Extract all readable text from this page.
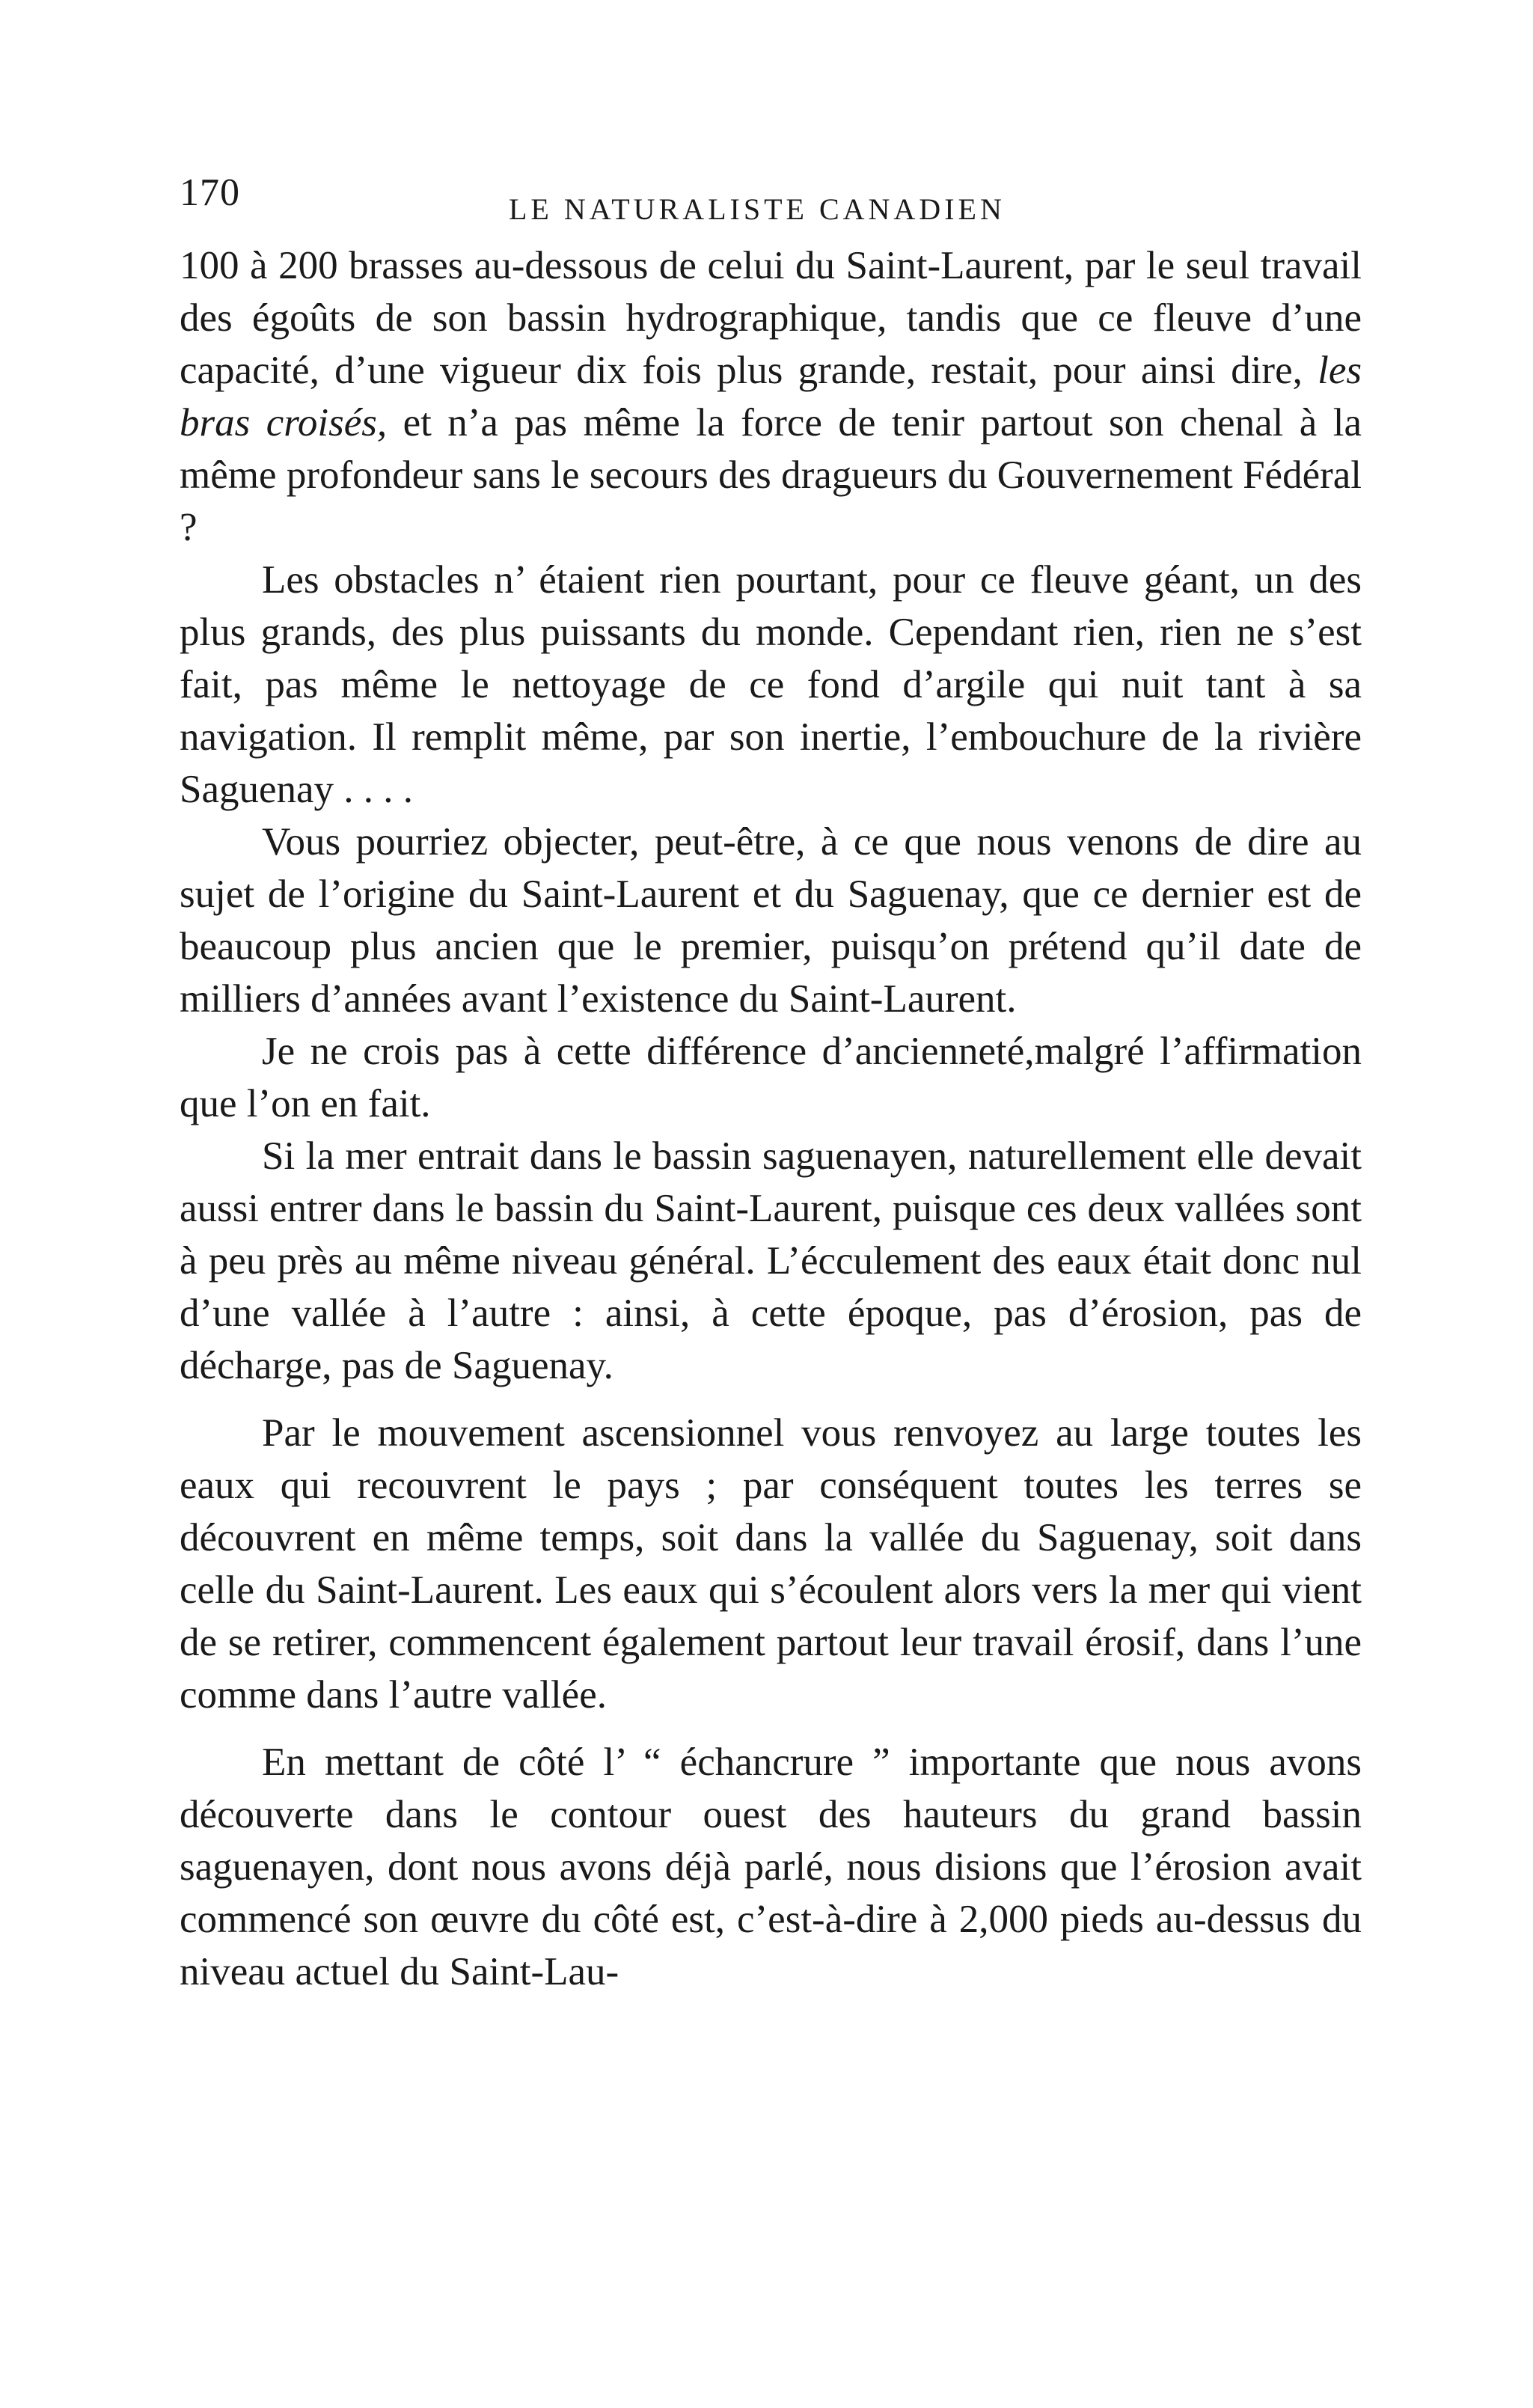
170	LE NATURALISTE CANADIEN

100 à 200 brasses au-dessous de celui du Saint-Laurent, par le seul travail des égoûts de son bassin hydrographique, tandis que ce fleuve d’une capacité, d’une vigueur dix fois plus grande, restait, pour ainsi dire, les bras croisés, et n’a pas même la force de tenir partout son chenal à la même profondeur sans le secours des dragueurs du Gouvernement Fédéral ?

Les obstacles n’ étaient rien pourtant, pour ce fleuve géant, un des plus grands, des plus puissants du monde. Cependant rien, rien ne s’est fait, pas même le nettoyage de ce fond d’argile qui nuit tant à sa navigation. Il remplit même, par son inertie, l’embouchure de la rivière Saguenay . . . .

Vous pourriez objecter, peut-être, à ce que nous venons de dire au sujet de l’origine du Saint-Laurent et du Saguenay, que ce dernier est de beaucoup plus ancien que le premier, puisqu’on prétend qu’il date de milliers d’années avant l’existence du Saint-Laurent.

Je ne crois pas à cette différence d’ancienneté,malgré l’affirmation que l’on en fait.

Si la mer entrait dans le bassin saguenayen, naturellement elle devait aussi entrer dans le bassin du Saint-Laurent, puisque ces deux vallées sont à peu près au même niveau général. L’écculement des eaux était donc nul d’une vallée à l’autre : ainsi, à cette époque, pas d’érosion, pas de décharge, pas de Saguenay.

Par le mouvement ascensionnel vous renvoyez au large toutes les eaux qui recouvrent le pays ; par conséquent toutes les terres se découvrent en même temps, soit dans la vallée du Saguenay, soit dans celle du Saint-Laurent. Les eaux qui s’écoulent alors vers la mer qui vient de se retirer, commencent également partout leur travail érosif, dans l’une comme dans l’autre vallée.

En mettant de côté l’ “ échancrure ” importante que nous avons découverte dans le contour ouest des hauteurs du grand bassin saguenayen, dont nous avons déjà parlé, nous disions que l’érosion avait commencé son œuvre du côté est, c’est-à-dire à 2,000 pieds au-dessus du niveau actuel du Saint-Lau-
